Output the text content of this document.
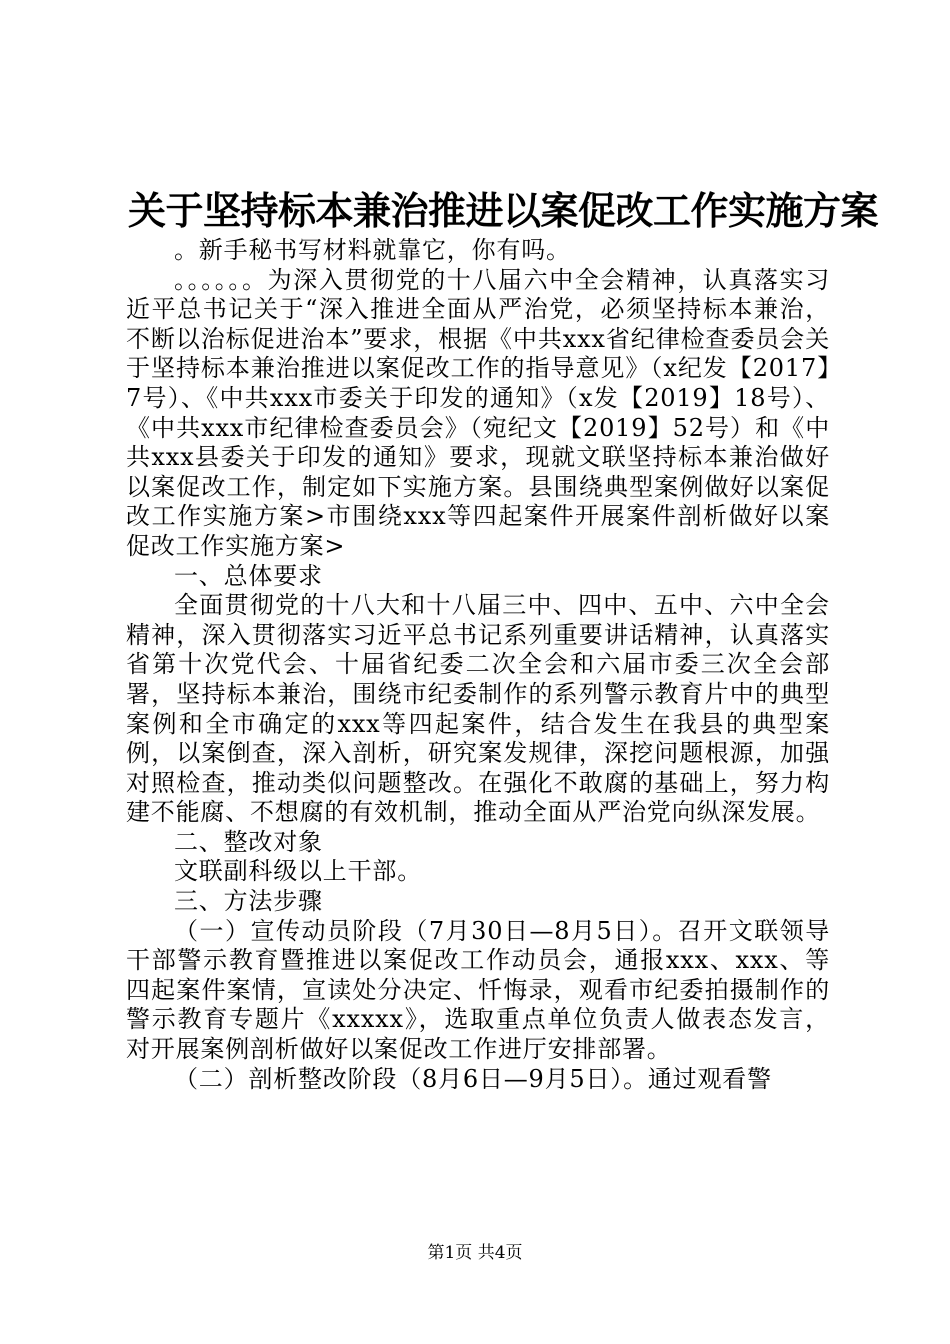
关于坚持标本兼治推进以案促改工作实施方案

。新手秘书写材料就靠它，你有吗。

。。。。。。为深入贯彻党的十八届六中全会精神，认真落实习近平总书记关于“深入推进全面从严治党，必须坚持标本兼治，不断以治标促进治本”要求，根据《中共xxx省纪律检查委员会关于坚持标本兼治推进以案促改工作的指导意见》（x纪发【2017】7号）、《中共xxx市委关于印发的通知》（x发【2019】18号）、《中共xxx市纪律检查委员会》（宛纪文【2019】52号）和《中共xxx县委关于印发的通知》要求，现就文联坚持标本兼治做好以案促改工作，制定如下实施方案。县围绕典型案例做好以案促改工作实施方案>市围绕xxx等四起案件开展案件剖析做好以案促改工作实施方案>

一、总体要求

全面贯彻党的十八大和十八届三中、四中、五中、六中全会精神，深入贯彻落实习近平总书记系列重要讲话精神，认真落实省第十次党代会、十届省纪委二次全会和六届市委三次全会部署，坚持标本兼治，围绕市纪委制作的系列警示教育片中的典型案例和全市确定的xxx等四起案件，结合发生在我县的典型案例，以案倒查，深入剖析，研究案发规律，深挖问题根源，加强对照检查，推动类似问题整改。在强化不敢腐的基础上，努力构建不能腐、不想腐的有效机制，推动全面从严治党向纵深发展。

二、整改对象

文联副科级以上干部。

三、方法步骤

（一）宣传动员阶段（7月30日—8月5日）。召开文联领导干部警示教育暨推进以案促改工作动员会，通报xxx、xxx、等四起案件案情，宣读处分决定、忏悔录，观看市纪委拍摄制作的警示教育专题片《xxxxx》，选取重点单位负责人做表态发言，对开展案例剖析做好以案促改工作进厅安排部署。

（二）剖析整改阶段（8月6日—9月5日）。通过观看警

第1页 共4页
